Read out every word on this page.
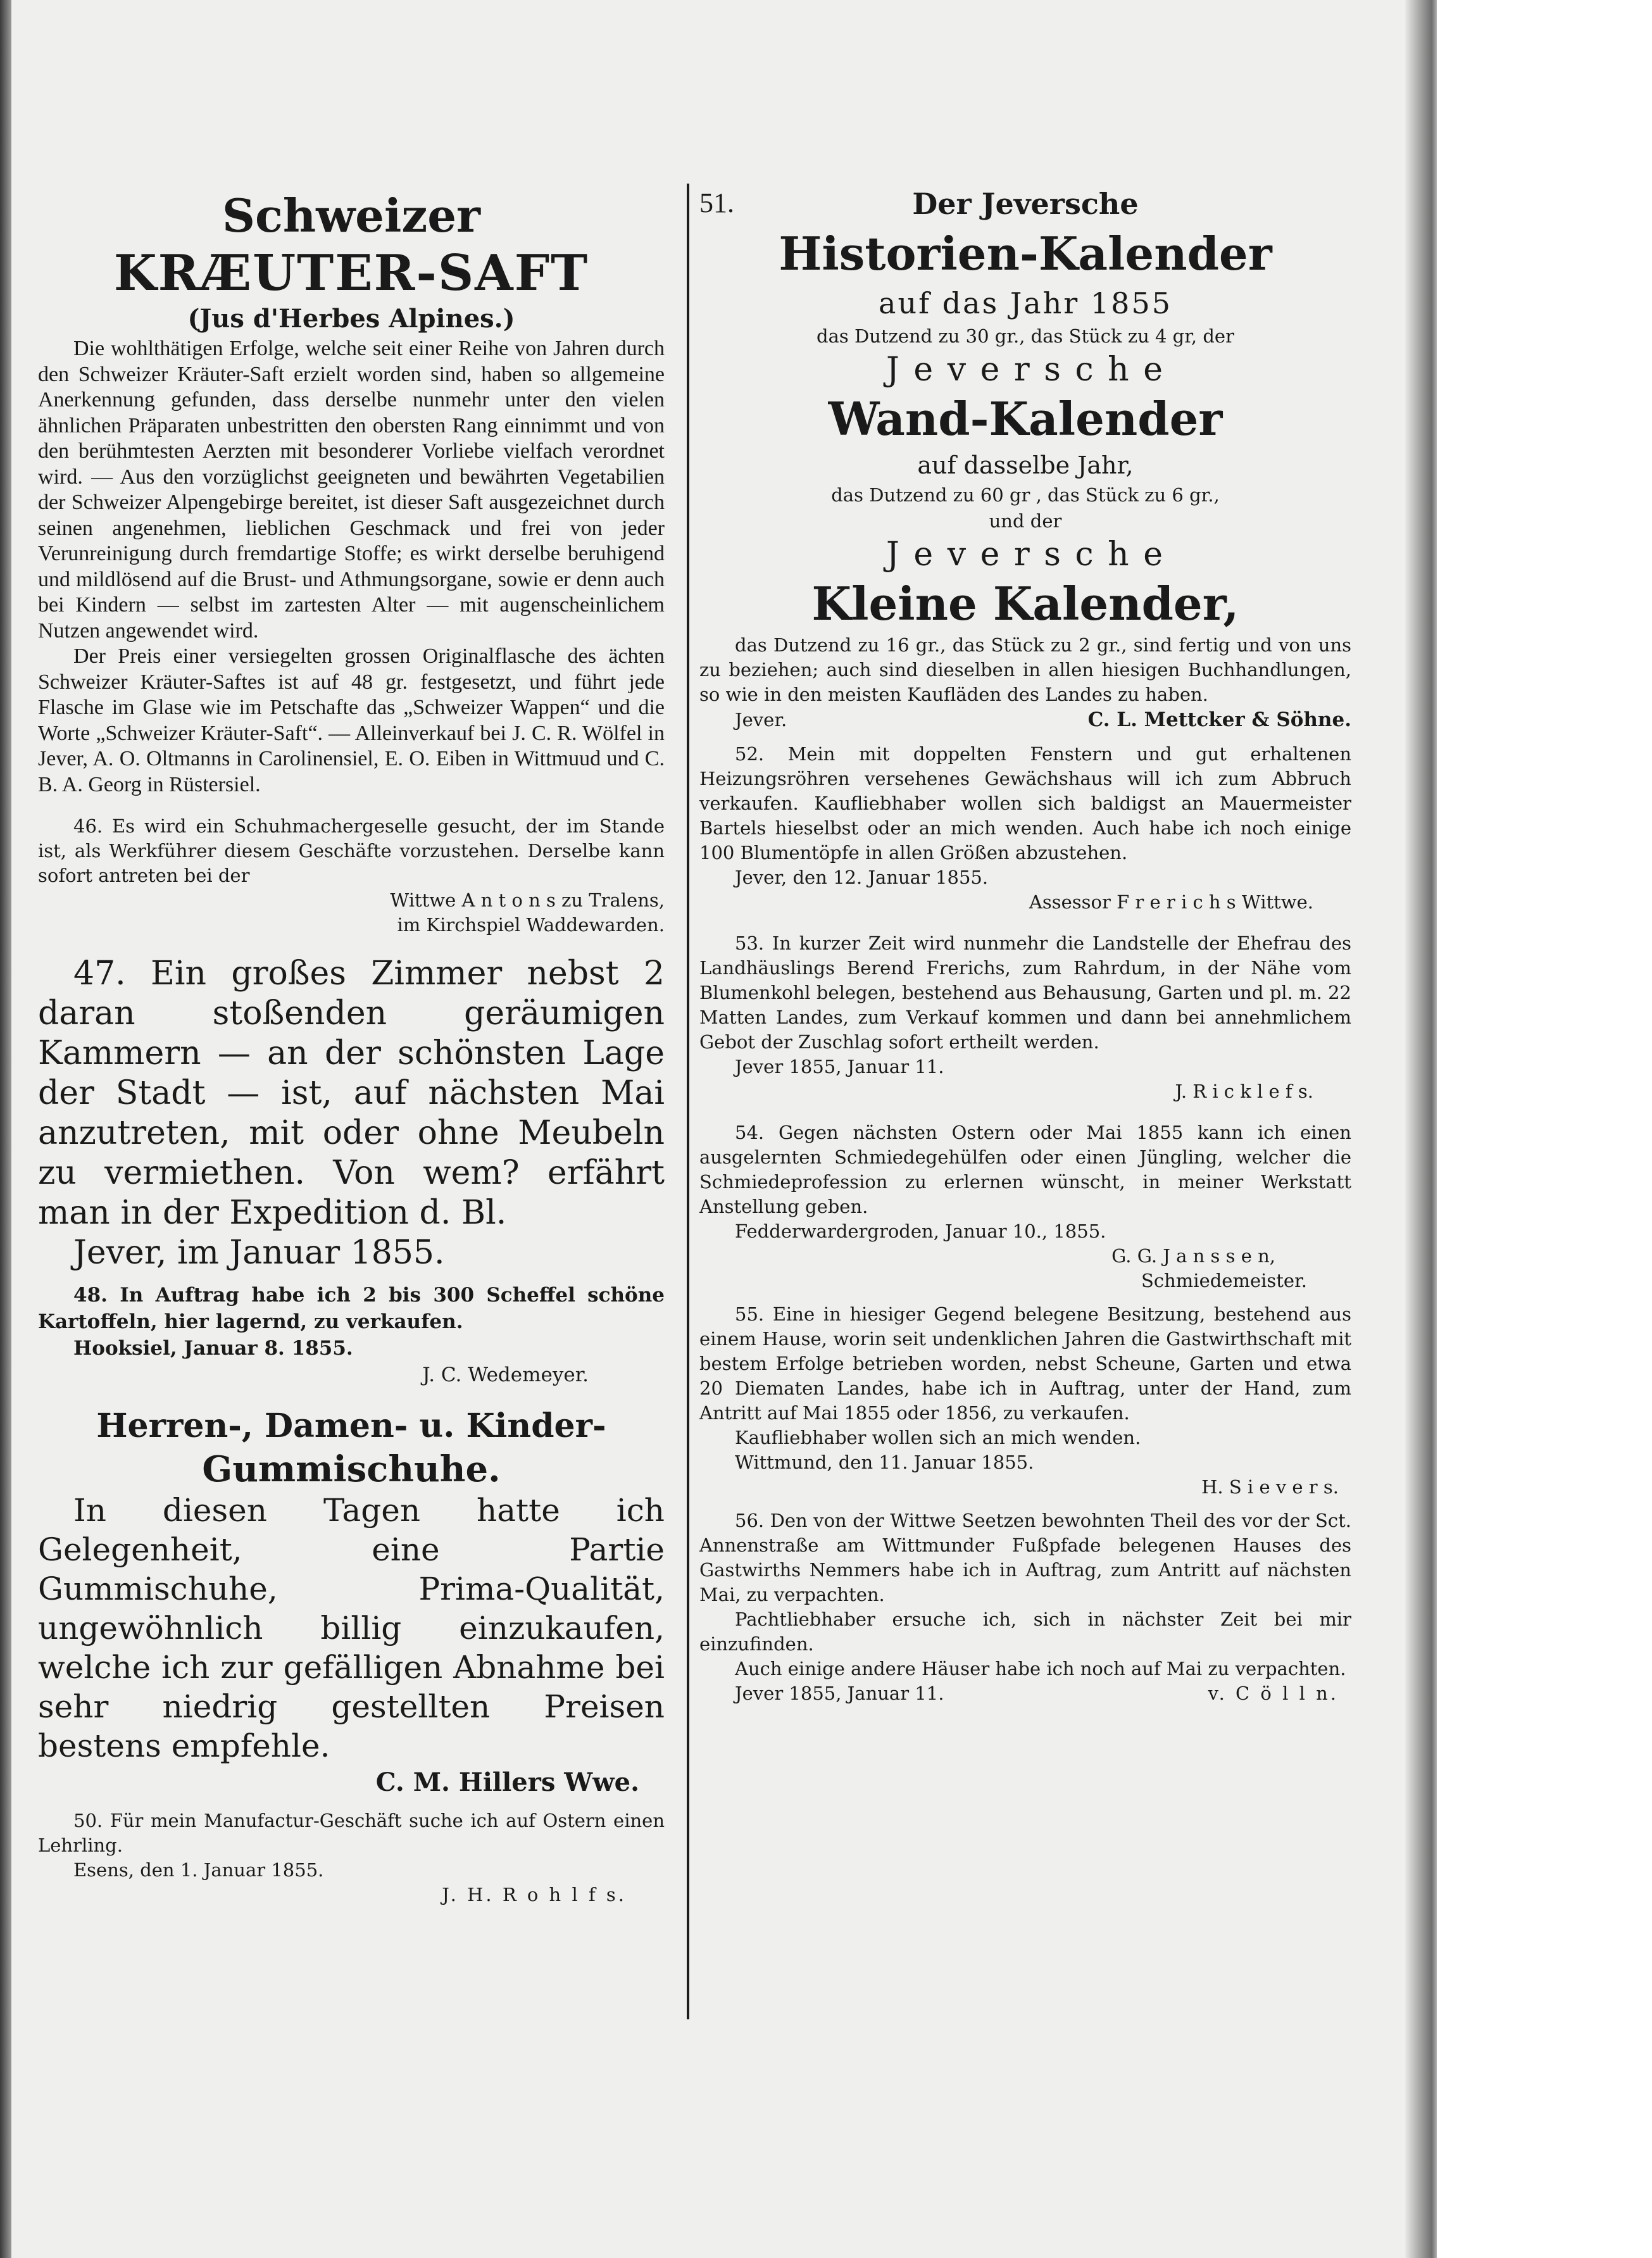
Schweizer

KRÆUTER-SAFT

(Jus d'Herbes Alpines.)

Die wohlthätigen Erfolge, welche seit einer Reihe von Jahren durch den Schweizer Kräuter-Saft erzielt worden sind, haben so allgemeine Anerkennung gefunden, dass derselbe nunmehr unter den vielen ähnlichen Präparaten unbestritten den obersten Rang einnimmt und von den berühmtesten Aerzten mit besonderer Vorliebe vielfach verordnet wird. — Aus den vorzüglichst geeigneten und bewährten Vegetabilien der Schweizer Alpengebirge bereitet, ist dieser Saft ausgezeichnet durch seinen angenehmen, lieblichen Geschmack und frei von jeder Verunreinigung durch fremdartige Stoffe; es wirkt derselbe beruhigend und mildlösend auf die Brust- und Athmungsorgane, sowie er denn auch bei Kindern — selbst im zartesten Alter — mit augenscheinlichem Nutzen angewendet wird.

Der Preis einer versiegelten grossen Originalflasche des ächten Schweizer Kräuter-Saftes ist auf 48 gr. festgesetzt, und führt jede Flasche im Glase wie im Petschafte das „Schweizer Wappen“ und die Worte „Schweizer Kräuter-Saft“. — Alleinverkauf bei J. C. R. Wölfel in Jever, A. O. Oltmanns in Carolinensiel, E. O. Eiben in Wittmuud und C. B. A. Georg in Rüstersiel.

46. Es wird ein Schuhmachergeselle gesucht, der im Stande ist, als Werkführer diesem Geschäfte vorzustehen. Derselbe kann sofort antreten bei der

Wittwe A n t o n s zu Tralens,

im Kirchspiel Waddewarden.

47. Ein großes Zimmer nebst 2 daran stoßenden geräumigen Kammern — an der schönsten Lage der Stadt — ist, auf nächsten Mai anzutreten, mit oder ohne Meubeln zu vermiethen. Von wem? erfährt man in der Expedition d. Bl.

Jever, im Januar 1855.

48. In Auftrag habe ich 2 bis 300 Scheffel schöne Kartoffeln, hier lagernd, zu verkaufen.

Hooksiel, Januar 8. 1855.

J. C. Wedemeyer.

Herren-, Damen- u. Kinder-

Gummischuhe.

In diesen Tagen hatte ich Gelegenheit, eine Partie Gummischuhe, Prima-Qualität, ungewöhnlich billig einzukaufen, welche ich zur gefälligen Abnahme bei sehr niedrig gestellten Preisen bestens empfehle.

C. M. Hillers Wwe.

50. Für mein Manufactur-Geschäft suche ich auf Ostern einen Lehrling.

Esens, den 1. Januar 1855.

J. H. R o h l f s.

51.	Der Jeversche

Historien-Kalender

auf das Jahr 1855

das Dutzend zu 30 gr., das Stück zu 4 gr, der

J e v e r s c h e

Wand-Kalender

auf dasselbe Jahr,

das Dutzend zu 60 gr , das Stück zu 6 gr.,

und der

J e v e r s c h e

Kleine Kalender,

das Dutzend zu 16 gr., das Stück zu 2 gr., sind fertig und von uns zu beziehen; auch sind dieselben in allen hiesigen Buchhandlungen, so wie in den meisten Kaufläden des Landes zu haben.

Jever.	C. L. Mettcker & Söhne.

52. Mein mit doppelten Fenstern und gut erhaltenen Heizungsröhren versehenes Gewächshaus will ich zum Abbruch verkaufen. Kaufliebhaber wollen sich baldigst an Mauermeister Bartels hieselbst oder an mich wenden. Auch habe ich noch einige 100 Blumentöpfe in allen Größen abzustehen.

Jever, den 12. Januar 1855.

Assessor F r e r i c h s Wittwe.

53. In kurzer Zeit wird nunmehr die Landstelle der Ehefrau des Landhäuslings Berend Frerichs, zum Rahrdum, in der Nähe vom Blumenkohl belegen, bestehend aus Behausung, Garten und pl. m. 22 Matten Landes, zum Verkauf kommen und dann bei annehmlichem Gebot der Zuschlag sofort ertheilt werden.

Jever 1855, Januar 11.

J. R i c k l e f s.

54. Gegen nächsten Ostern oder Mai 1855 kann ich einen ausgelernten Schmiedegehülfen oder einen Jüngling, welcher die Schmiedeprofession zu erlernen wünscht, in meiner Werkstatt Anstellung geben.

Fedderwardergroden, Januar 10., 1855.

G. G. J a n s s e n,

Schmiedemeister.

55. Eine in hiesiger Gegend belegene Besitzung, bestehend aus einem Hause, worin seit undenklichen Jahren die Gastwirthschaft mit bestem Erfolge betrieben worden, nebst Scheune, Garten und etwa 20 Diematen Landes, habe ich in Auftrag, unter der Hand, zum Antritt auf Mai 1855 oder 1856, zu verkaufen.

Kaufliebhaber wollen sich an mich wenden.

Wittmund, den 11. Januar 1855.

H. S i e v e r s.

56. Den von der Wittwe Seetzen bewohnten Theil des vor der Sct. Annenstraße am Wittmunder Fußpfade belegenen Hauses des Gastwirths Nemmers habe ich in Auftrag, zum Antritt auf nächsten Mai, zu verpachten.

Pachtliebhaber ersuche ich, sich in nächster Zeit bei mir einzufinden.

Auch einige andere Häuser habe ich noch auf Mai zu verpachten.

Jever 1855, Januar 11.	v. C ö l l n.
